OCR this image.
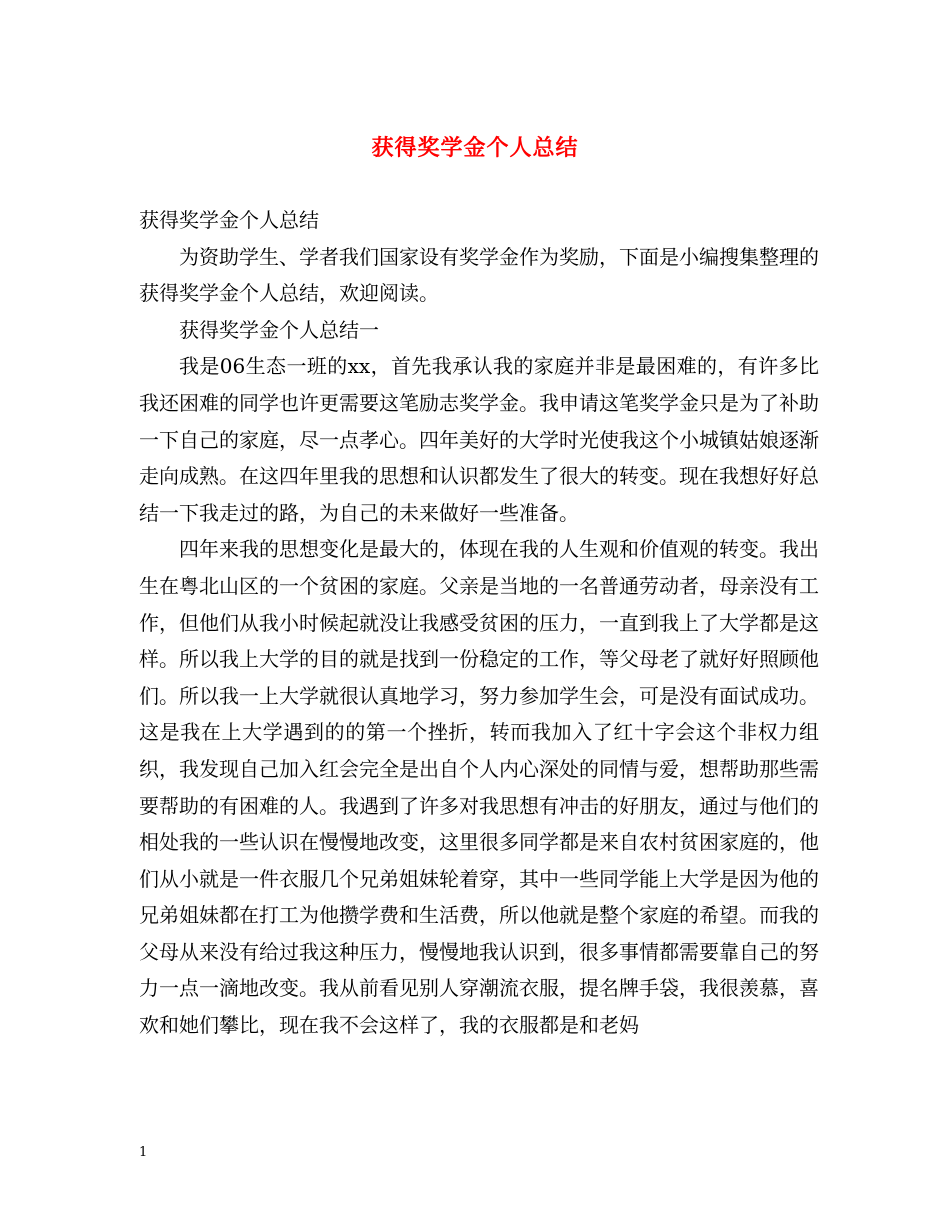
获得奖学金个人总结

获得奖学金个人总结

为资助学生、学者我们国家设有奖学金作为奖励，下面是小编搜集整理的获得奖学金个人总结，欢迎阅读。

获得奖学金个人总结一

我是06生态一班的xx，首先我承认我的家庭并非是最困难的，有许多比我还困难的同学也许更需要这笔励志奖学金。我申请这笔奖学金只是为了补助一下自己的家庭，尽一点孝心。四年美好的大学时光使我这个小城镇姑娘逐渐走向成熟。在这四年里我的思想和认识都发生了很大的转变。现在我想好好总结一下我走过的路，为自己的未来做好一些准备。

四年来我的思想变化是最大的，体现在我的人生观和价值观的转变。我出生在粤北山区的一个贫困的家庭。父亲是当地的一名普通劳动者，母亲没有工作，但他们从我小时候起就没让我感受贫困的压力，一直到我上了大学都是这样。所以我上大学的目的就是找到一份稳定的工作，等父母老了就好好照顾他们。所以我一上大学就很认真地学习，努力参加学生会，可是没有面试成功。这是我在上大学遇到的的第一个挫折，转而我加入了红十字会这个非权力组织，我发现自己加入红会完全是出自个人内心深处的同情与爱，想帮助那些需要帮助的有困难的人。我遇到了许多对我思想有冲击的好朋友，通过与他们的相处我的一些认识在慢慢地改变，这里很多同学都是来自农村贫困家庭的，他们从小就是一件衣服几个兄弟姐妹轮着穿，其中一些同学能上大学是因为他的兄弟姐妹都在打工为他攒学费和生活费，所以他就是整个家庭的希望。而我的父母从来没有给过我这种压力，慢慢地我认识到，很多事情都需要靠自己的努力一点一滴地改变。我从前看见别人穿潮流衣服，提名牌手袋，我很羡慕，喜欢和她们攀比，现在我不会这样了，我的衣服都是和老妈

1
